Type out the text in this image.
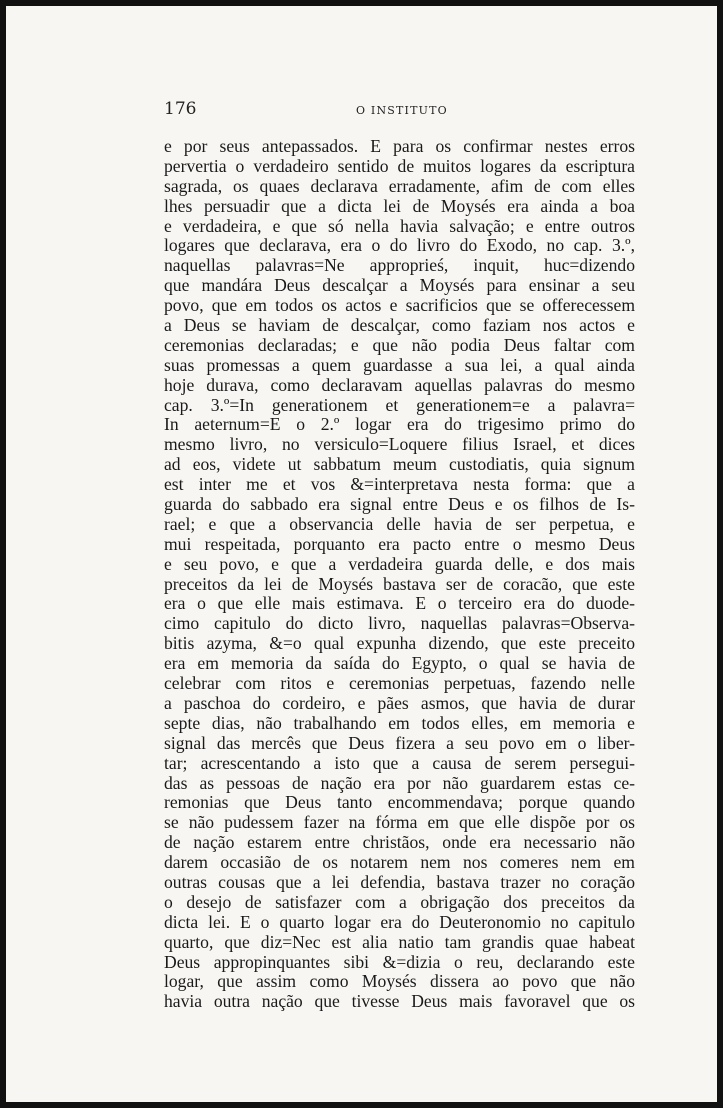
176	O INSTITUTO
e por seus antepassados. E para os confirmar nestes erros
pervertia o verdadeiro sentido de muitos logares da escriptura
sagrada, os quaes declarava erradamente, afim de com elles
lhes persuadir que a dicta lei de Moysés era ainda a boa
e verdadeira, e que só nella havia salvação; e entre outros
logares que declarava, era o do livro do Exodo, no cap. 3.º,
naquellas palavras=Ne approprieś, inquit, huc=dizendo
que mandára Deus descalçar a Moysés para ensinar a seu
povo, que em todos os actos e sacrificios que se offerecessem
a Deus se haviam de descalçar, como faziam nos actos e
ceremonias declaradas; e que não podia Deus faltar com
suas promessas a quem guardasse a sua lei, a qual ainda
hoje durava, como declaravam aquellas palavras do mesmo
cap. 3.º=In generationem et generationem=e a palavra=
In aeternum=E o 2.º logar era do trigesimo primo do
mesmo livro, no versiculo=Loquere filius Israel, et dices
ad eos, videte ut sabbatum meum custodiatis, quia signum
est inter me et vos &=interpretava nesta forma: que a
guarda do sabbado era signal entre Deus e os filhos de Is-
rael; e que a observancia delle havia de ser perpetua, e
mui respeitada, porquanto era pacto entre o mesmo Deus
e seu povo, e que a verdadeira guarda delle, e dos mais
preceitos da lei de Moysés bastava ser de coracão, que este
era o que elle mais estimava. E o terceiro era do duode-
cimo capitulo do dicto livro, naquellas palavras=Observa-
bitis azyma, &=o qual expunha dizendo, que este preceito
era em memoria da saída do Egypto, o qual se havia de
celebrar com ritos e ceremonias perpetuas, fazendo nelle
a paschoa do cordeiro, e pães asmos, que havia de durar
septe dias, não trabalhando em todos elles, em memoria e
signal das mercês que Deus fizera a seu povo em o liber-
tar; acrescentando a isto que a causa de serem persegui-
das as pessoas de nação era por não guardarem estas ce-
remonias que Deus tanto encommendava; porque quando
se não pudessem fazer na fórma em que elle dispõe por os
de nação estarem entre christãos, onde era necessario não
darem occasião de os notarem nem nos comeres nem em
outras cousas que a lei defendia, bastava trazer no coração
o desejo de satisfazer com a obrigação dos preceitos da
dicta lei. E o quarto logar era do Deuteronomio no capitulo
quarto, que diz=Nec est alia natio tam grandis quae habeat
Deus appropinquantes sibi &=dizia o reu, declarando este
logar, que assim como Moysés dissera ao povo que não
havia outra nação que tivesse Deus mais favoravel que os
